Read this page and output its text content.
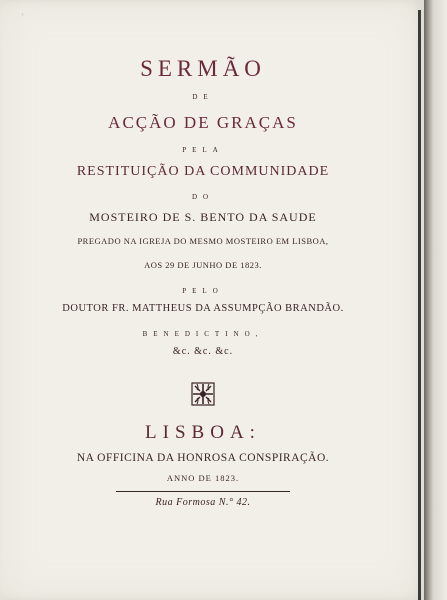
'
SERMÃO
DE
ACÇÃO DE GRAÇAS
PELA
RESTITUIÇÃO DA COMMUNIDADE
DO
MOSTEIRO DE S. BENTO DA SAUDE
PREGADO NA IGREJA DO MESMO MOSTEIRO EM LISBOA,
AOS 29 DE JUNHO DE 1823.
PELO
DOUTOR FR. MATTHEUS DA ASSUMPÇÃO BRANDÃO.
BENEDICTINO,
&c. &c. &c.
LISBOA:
NA OFFICINA DA HONROSA CONSPIRAÇÃO.
ANNO DE 1823.
Rua Formosa N.° 42.
